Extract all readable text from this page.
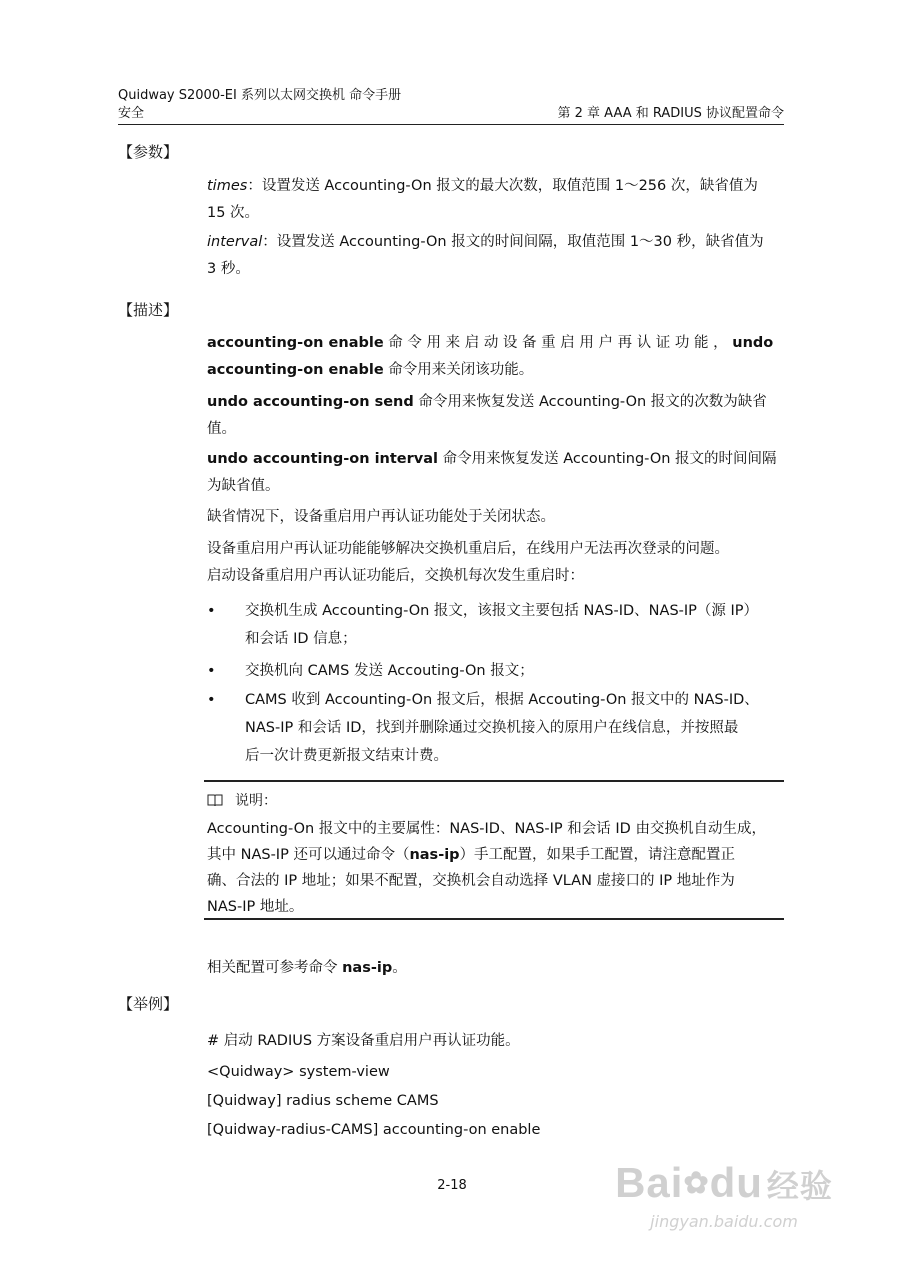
Quidway S2000-EI 系列以太网交换机 命令手册
安全	第 2 章 AAA 和 RADIUS 协议配置命令
【参数】
times：设置发送 Accounting-On 报文的最大次数，取值范围 1～256 次，缺省值为
15 次。
interval：设置发送 Accounting-On 报文的时间间隔，取值范围 1～30 秒，缺省值为
3 秒。
【描述】
accounting-on enable 命 令 用 来 启 动 设 备 重 启 用 户 再 认 证 功 能 ， undo
accounting-on enable 命令用来关闭该功能。
undo accounting-on send 命令用来恢复发送 Accounting-On 报文的次数为缺省
值。
undo accounting-on interval 命令用来恢复发送 Accounting-On 报文的时间间隔
为缺省值。
缺省情况下，设备重启用户再认证功能处于关闭状态。
设备重启用户再认证功能能够解决交换机重启后，在线用户无法再次登录的问题。
启动设备重启用户再认证功能后，交换机每次发生重启时：
•	交换机生成 Accounting-On 报文，该报文主要包括 NAS-ID、NAS-IP（源 IP）
和会话 ID 信息；
•	交换机向 CAMS 发送 Accouting-On 报文；
•	CAMS 收到 Accounting-On 报文后，根据 Accouting-On 报文中的 NAS-ID、
NAS-IP 和会话 ID，找到并删除通过交换机接入的原用户在线信息，并按照最
后一次计费更新报文结束计费。
说明：
Accounting-On 报文中的主要属性：NAS-ID、NAS-IP 和会话 ID 由交换机自动生成，
其中 NAS-IP 还可以通过命令（nas-ip）手工配置，如果手工配置，请注意配置正
确、合法的 IP 地址；如果不配置，交换机会自动选择 VLAN 虚接口的 IP 地址作为
NAS-IP 地址。
相关配置可参考命令 nas-ip。
【举例】
# 启动 RADIUS 方案设备重启用户再认证功能。
<Quidway> system-view
[Quidway] radius scheme CAMS
[Quidway-radius-CAMS] accounting-on enable
2-18	Bai✿du 经验
jingyan.baidu.com
